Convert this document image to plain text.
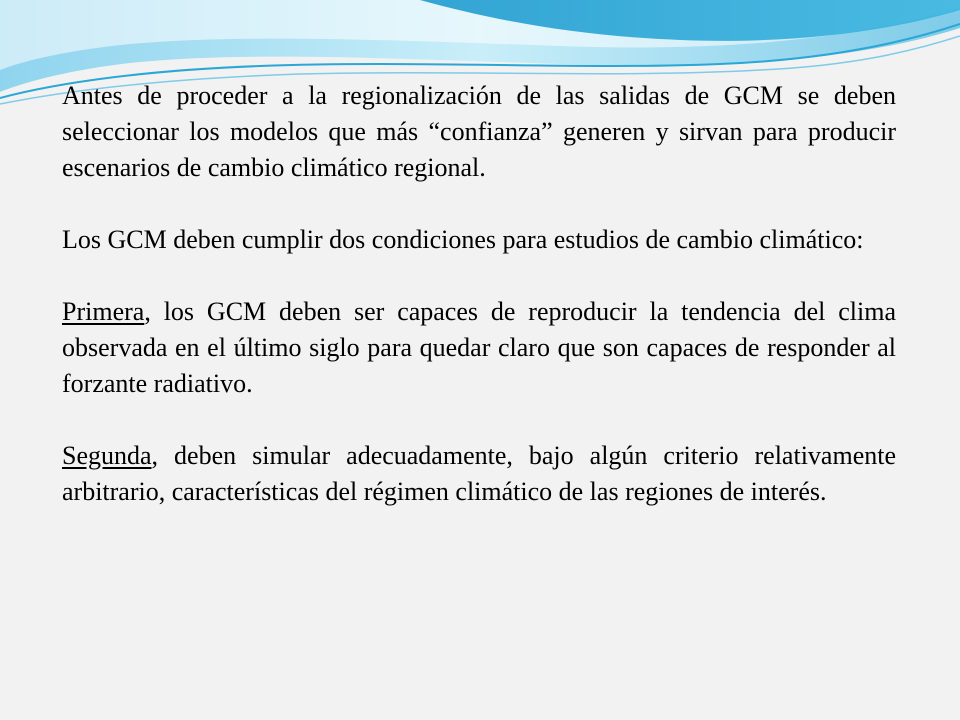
Antes de proceder a la regionalización de las salidas de GCM se deben seleccionar los modelos que más “confianza” generen y sirvan para producir escenarios de cambio climático regional.

Los GCM deben cumplir dos condiciones para estudios de cambio climático:

Primera, los GCM deben ser capaces de reproducir la tendencia del clima observada en el último siglo para quedar claro que son capaces de responder al forzante radiativo.

Segunda, deben simular adecuadamente, bajo algún criterio relativamente arbitrario, características del régimen climático de las regiones de interés.
